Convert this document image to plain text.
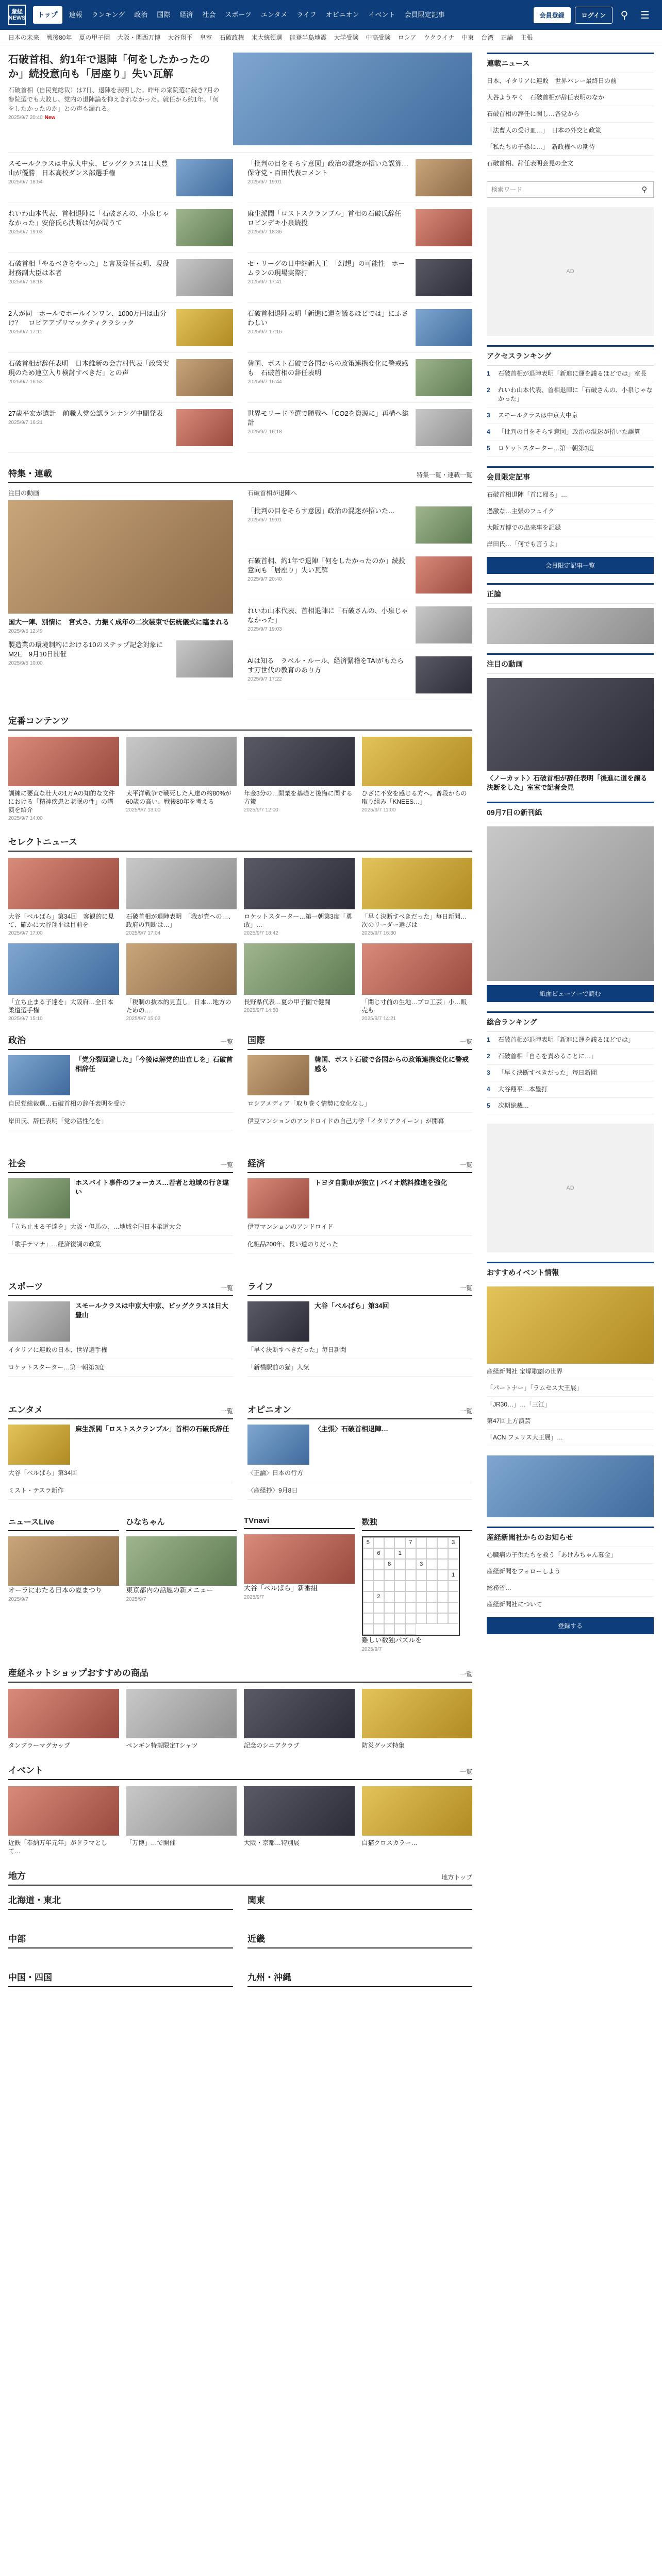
産経 NEWS	トップ	速報	ランキング	政治	国際	経済	社会	スポーツ	エンタメ	ライフ	オピニオン	イベント	会員限定記事	会員登録	ログイン	⚲	☰
日本の未来 戦後80年 夏の甲子園 大阪・関西万博 大谷翔平 皇室 石破政権 米大統領選 能登半島地震 大学受験 中高受験 ロシア ウクライナ 中東 台湾 正論 主張
石破首相、約1年で退陣「何をしたかったのか」続投意向も「居座り」失い瓦解

石破首相（自民党総裁）は7日、退陣を表明した。昨年の衆院選に続き7月の参院選でも大敗し、党内の退陣論を抑えきれなかった。就任から約1年。「何をしたかったのか」との声も漏れる。

2025/9/7 20:40 New
スモールクラスは中京大中京、ビッグクラスは日大豊山が優勝　日本高校ダンス部選手権
2025/9/7 18:54
「批判の目をそらす意図」政治の混迷が招いた誤算…保守党・百田代表コメント
2025/9/7 19:01
れいわ山本代表、首相退陣に「石破さんの、小泉じゃなかった」安倍氏ら決断は何か問うて
2025/9/7 19:03
麻生派閥「ロストスクランブル」首相の石破氏辞任　ロビンデキ小泉続投
2025/9/7 18:36
石破首相「やるべきをやった」と言及辞任表明、現役財務副大臣は本者
2025/9/7 18:18
セ・リーグの日中継新人王　「幻想」の可能性　ホームランの現場実際打
2025/9/7 17:41
2人が同一ホールでホールインワン、1000万円は山分け？　ロピアアプリマックティクラシック
2025/9/7 17:11
石破首相退陣表明「新進に運を議るほどでは」にふさわしい
2025/9/7 17:16
石破首相が辞任表明　日本維新の会吉村代表「政策実現のため連立入り検討すべきだ」との声
2025/9/7 16:53
韓国、ボスト石破で各国からの政策連携変化に警戒感も　石破首相の辞任表明
2025/9/7 16:44
27歳平宏が遺計　前職人党公認ランナング中間発表
2025/9/7 16:21
世界モリード予選で勝戦へ「CO2を資源に」再構へ総計
2025/9/7 16:18
特集・連載	特集一覧・連載一覧
注目の動画
国大一陣、別情に　宮式さ、力振く成年の二次装束で伝統儀式に臨まれる
2025/9/6 12:49
製造業の環境制約における10のステップ記念対象にM2E　9月10日開催
2025/9/5 10:00
石破首相が退陣へ
「批判の目をそらす意図」政治の混迷が招いた…
2025/9/7 19:01
石破首相、約1年で退陣「何をしたかったのか」続投意向も「居座り」失い瓦解
2025/9/7 20:40
れいわ山本代表、首相退陣に「石破さんの、小泉じゃなかった」
2025/9/7 19:03
AIは知る　ラベル・ルール、経済緊稽をTAIがもたらす万世代の教育のあり方
2025/9/7 17:22
定番コンテンツ
訓練に要直な壮大の1万Aの知的な文件における「精神疾患と老眠の性」の講演を紹介
2025/9/7 14:00
太平洋戦争で戦死した人達の約80%が60歳の高い、戦後80年を考える
2025/9/7 13:00
年金3分の…開業を基礎と後悔に関する方策
2025/9/7 12:00
ひざに不安を感じる方へ。普段からの取り組み「KNEES…」
2025/9/7 11:00
セレクトニュース
大谷「ベルばら」第34回　客観的に見て、確かに大谷翔平は目前を
2025/9/7 17:00
石破首相が退陣表明　「我が党への…、政府の判断は…」
2025/9/7 17:04
ロケットスターター…第一朝第3度「勇敢」…
2025/9/7 18:42
「早く決断すべきだった」毎日新聞…次のリーダー選びは
2025/9/7 16:30
「立ち止まる子達を」大阪府…全日本柔道選手権
2025/9/7 15:10
「税制の抜本的見直し」日本…地方のための…
2025/9/7 15:02
長野県代表…夏の甲子園で健闘
2025/9/7 14:50
「閉じ寸前の生地…プロ工芸」小…販売も
2025/9/7 14:21
政治	一覧
「党分裂回避した」「今後は解党的出直しを」石破首相辞任
自民党総裁選…石破首相の辞任表明を受け
岸田氏、辞任表明「党の活性化を」
国際	一覧
韓国、ボスト石破で各国からの政策連携変化に警戒感も
ロシアメディア「取り巻く情勢に変化なし」
伊豆マンションのアンドロイドの自己力学「イタリアクイーン」が開幕
社会	一覧
ホスバイト事件のフォーカス…若者と地域の行き違い
「立ち止まる子達を」大阪・但馬の、…地域全国日本柔道大会
「歌手テマナ」…経済復調の政策
経済	一覧
トヨタ自動車が独立 | バイオ燃料推進を強化
伊豆マンションのアンドロイド
化粧品200年、長い道のりだった
スポーツ	一覧
スモールクラスは中京大中京、ビッグクラスは日大豊山
イタリアに連敗の日本、世界選手権
ロケットスターター…第一朝第3度
ライフ	一覧
大谷「ベルばら」第34回
「早く決断すべきだった」毎日新聞
「新橋駅前の猫」人気
エンタメ	一覧
麻生派閥「ロストスクランブル」首相の石破氏辞任
大谷「ベルばら」第34回
ミスト・テスラ新作
オピニオン	一覧
〈主張〉石破首相退陣…
〈正論〉日本の行方
〈産経抄〉9月8日
ニュースLive
オーラにわたる日本の夏まつり
2025/9/7
ひなちゃん
東京都内の話題の新メニュー
2025/9/7
TVnavi
大谷「ベルばら」新番組
2025/9/7
数独
5	7	3
6	1
8	3
1
2
難しい数独パズルを
2025/9/7
産経ネットショップおすすめの商品	一覧
タンブラーマグカップ	ペンギン特製限定Tシャツ	記念のシニアクラブ	防災グッズ特集
イベント	一覧
近鉄「奉納万年元年」がドラマとして…
「万博」…で開催	大阪・京都…特別展	白猫クロスカラー…
地方	地方トップ
北海道・東北	関東
中部	近畿
中国・四国	九州・沖縄
連載ニュース
日本、イタリアに連敗　世界バレー最終日の前
大谷ようやく　石破首相が辞任表明のなか
石破首相の辞任に関し…各党から
「法曹人の受け皿…」　日本の外交と政策
「私たちの子孫に…」　新政権への期待
石破首相、辞任表明会見の全文
検索ワード
⚲
AD
アクセスランキング
1	石破首相が退陣表明「新進に運を議るほどでは」室長
2	れいわ山本代表、首相退陣に「石破さんの、小泉じゃなかった」
3	スモールクラスは中京大中京
4	「批判の目をそらす意図」政治の混迷が招いた誤算
5	ロケットスターター…第一朝第3度
会員限定記事
石破首相退陣「首に帰る」…
過激な…主張のフェイク
大阪万博での出来事を記録
岸田氏…「何でも言うよ」
会員限定記事一覧
正論
注目の動画
〈ノーカット〉石破首相が辞任表明「後進に道を譲る決断をした」室室で記者会見
09月7日の新刊紙
紙面ビューアーで読む
総合ランキング
1	石破首相が退陣表明「新進に運を議るほどでは」
2	石破首相「自らを責めることに…」
3	「早く決断すべきだった」毎日新聞
4	大谷翔平…本塁打
5	次期総裁…
AD
おすすめイベント情報
産経新聞社 宝塚歌劇の世界
「パートナー」「ラムセス大王展」
「JR30…」…「三江」
第47回上方演芸
「ACN フェリス大王展」…
産経新聞社からのお知らせ
心臓病の子供たちを救う「あけみちゃん募金」
産経新聞をフォローしよう
総務省…
産経新聞社について
登録する
